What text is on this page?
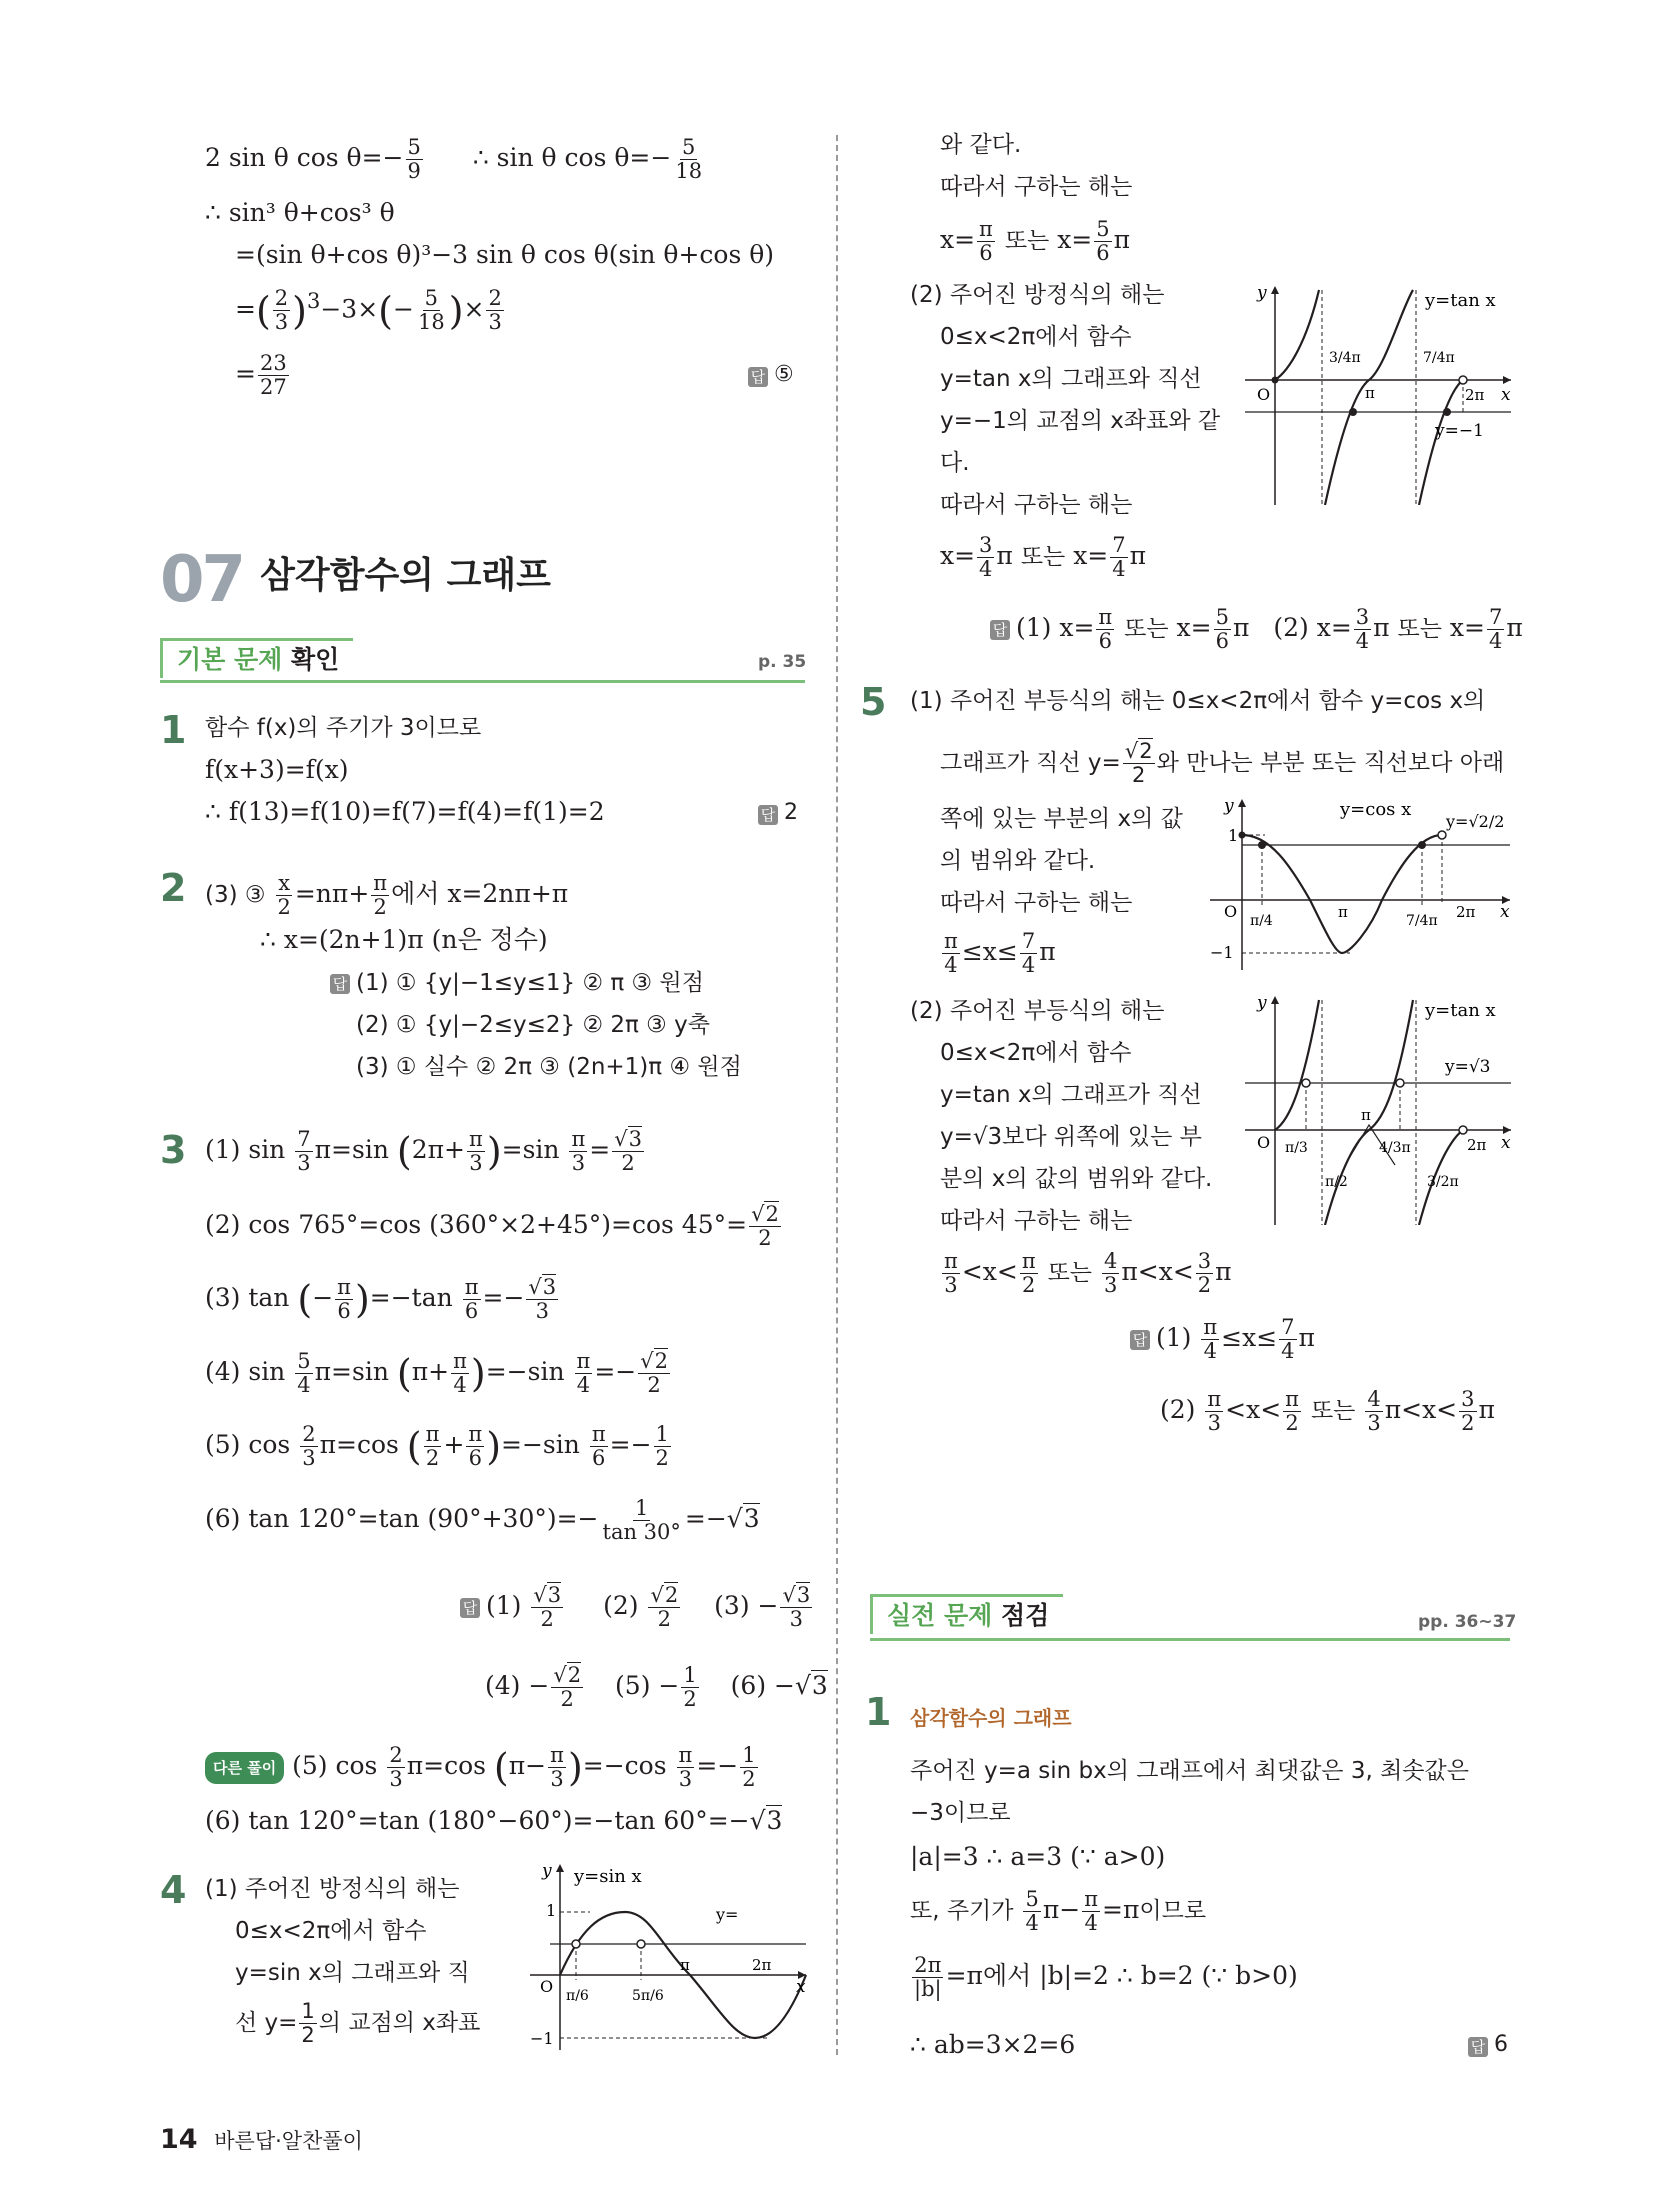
2 sin θ $\cos \theta=- \frac{5}{9}$ ∴ sin θ $\cos \theta=- \frac{5}{18}$
∴ sin³ θ+cos³ θ
=(sin θ+cos θ)³−3 sin θ cos θ(sin θ+cos θ)
=( $\frac{2}{3} )^3-3\times(- \frac{5}{18}$ )× $\frac{2}{3}$
= $\frac{23}{27}$	답 ⑤
07 삼각함수의 그래프
기본 문제 확인	p. 35
1 함수 f(x)의 주기가 3이므로
f(x+3)=f(x)
∴ f(13)=f(10)=f(7)=f(4)=f(1)=2	답 2
2 (3) ③ $\frac{x}{2} =n\pi+ \frac{\pi}{2}$ 에서 x=2nπ+π
∴ x=(2n+1)π (n은 정수)
답 (1) ① {y|−1≤y≤1} ② π ③ 원점
(2) ① {y|−2≤y≤2} ② 2π ③ y축
(3) ① 실수 ② 2π ③ (2n+1)π ④ 원점
3 (1) $\sin \frac{7}{3} \pi=\sin$ $(2\pi+ \frac{\pi}{3} )=\sin \frac{\pi}{3} = \frac{√3}{2}$
(2) cos 765°=cos (360°×2+45°)=cos $45^\circ= \frac{√2}{2}$
(3) tan (− $\frac{\pi}{6} )=-\tan \frac{\pi}{6} =- \frac{√3}{3}$
(4) $\sin \frac{5}{4} \pi=\sin$ $(\pi+ \frac{\pi}{4} )=-\sin \frac{\pi}{4} =- \frac{√2}{2}$
(5) $\cos \frac{2}{3} \pi=\cos$ ( $\frac{\pi}{2} + \frac{\pi}{6} )=-\sin \frac{\pi}{6} =- \frac{1}{2}$
(6) tan 120°=tan $(90^\circ+30^\circ)=- \frac{1}{\tan 30^\circ} =-√3$
답 $(1) \frac{√3}{2} (2) \frac{√2}{2} (3) - \frac{√3}{3}$
$(4) - \frac{√2}{2} (5) - \frac{1}{2} (6) -√3$
다른 풀이 (5) $\cos \frac{2}{3} \pi=\cos$ $(\pi- \frac{\pi}{3} )=-\cos \frac{\pi}{3} =- \frac{1}{2}$
(6) tan 120°=tan (180°−60°)=−tan 60°=−√3
4 (1) 주어진 방정식의 해는
0≤x<2π에서 함수
y=sin x의 그래프와 직
선 $y= \frac{1}{2}$ 의 교점의 x좌표
y y=sin x
1
−1
O	x
π	2π
y=
π/6	5π/6
와 같다.
따라서 구하는 해는
$x= \frac{\pi}{6}$ 또는 $x= \frac{5}{6}$ π
(2) 주어진 방정식의 해는
0≤x<2π에서 함수
y=tan x의 그래프와 직선
y=−1의 교점의 x좌표와 같
다.
따라서 구하는 해는
$x= \frac{3}{4}$ π 또는 $x= \frac{7}{4}$ π
y	y=tan x
O
3/4π	7/4π
π	2π x
y=−1
답 (1) $x= \frac{\pi}{6}$ 또는 $x= \frac{5}{6}$ π (2) $x= \frac{3}{4}$ π 또는 $x= \frac{7}{4}$ π
5 (1) 주어진 부등식의 해는 0≤x<2π에서 함수 y=cos x의
그래프가 직선 $y= \frac{√2}{2}$ 와 만나는 부분 또는 직선보다 아래
쪽에 있는 부분의 x의 값
의 범위와 같다.
따라서 구하는 해는
$\frac{\pi}{4} \le x\le \frac{7}{4}$ π
y	y=cos x
y=√2/2
1
−1
O	x
π/4	π	7/4π 2π
(2) 주어진 부등식의 해는
0≤x<2π에서 함수
y=tan x의 그래프가 직선
y=√3보다 위쪽에 있는 부
분의 x의 값의 범위와 같다.
따라서 구하는 해는
$\frac{\pi}{3} <x< \frac{\pi}{2}$ 또는 $\frac{4}{3} \pi<x< \frac{3}{2}$ π
y	y=tan x
y=√3
O	x
π
2π
π/3
π/2
4/3π
3/2π
답 $(1) \frac{\pi}{4} \le x\le \frac{7}{4}$ π
$(2) \frac{\pi}{3} <x< \frac{\pi}{2}$ 또는 $\frac{4}{3} \pi<x< \frac{3}{2}$ π
실전 문제 점검	pp. 36~37
1 삼각함수의 그래프
주어진 y=a sin bx의 그래프에서 최댓값은 3, 최솟값은
−3이므로
|a|=3 ∴ a=3 (∵ a>0)
또, 주기가 $\frac{5}{4} \pi- \frac{\pi}{4} =\pi$이므로
$\frac{2\pi}{|b|} =\pi$에서 |b|=2 ∴ b=2 (∵ b>0)
∴ ab=3×2=6	답 6
14 바른답·알찬풀이
